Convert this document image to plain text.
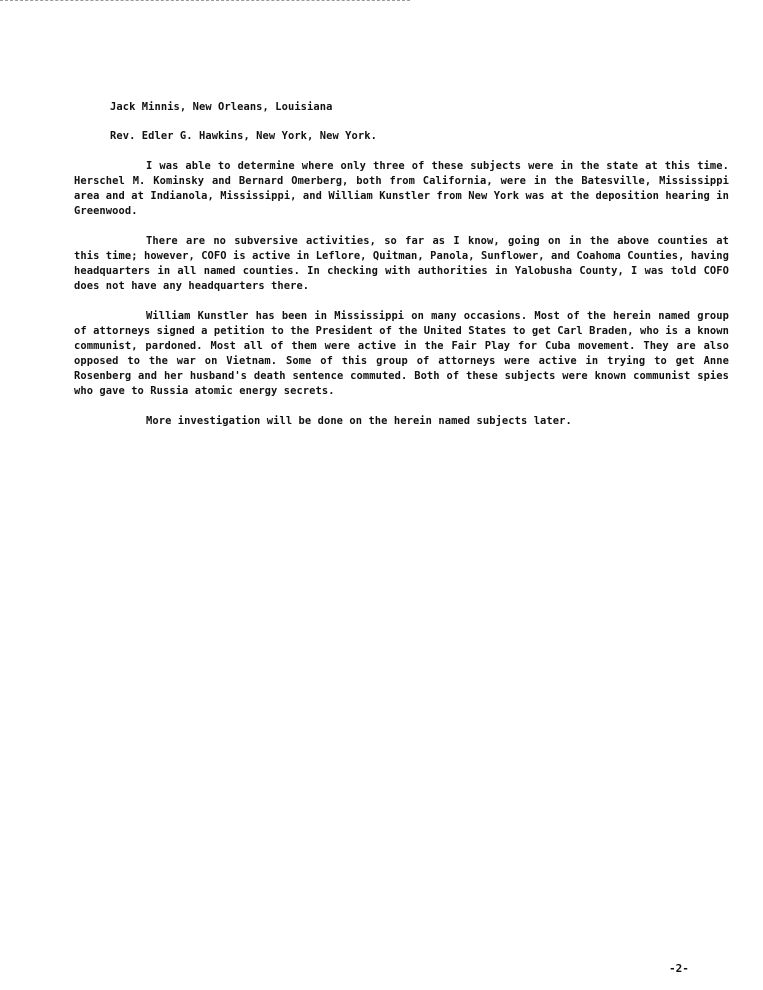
Jack Minnis, New Orleans, Louisiana

Rev. Edler G. Hawkins, New York, New York.

I was able to determine where only three of these subjects were in the state at this time. Herschel M. Kominsky and Bernard Omerberg, both from California, were in the Batesville, Mississippi area and at Indianola, Mississippi, and William Kunstler from New York was at the deposition hearing in Greenwood.

There are no subversive activities, so far as I know, going on in the above counties at this time; however, COFO is active in Leflore, Quitman, Panola, Sunflower, and Coahoma Counties, having headquarters in all named counties. In checking with authorities in Yalobusha County, I was told COFO does not have any headquarters there.

William Kunstler has been in Mississippi on many occasions. Most of the herein named group of attorneys signed a petition to the President of the United States to get Carl Braden, who is a known communist, pardoned. Most all of them were active in the Fair Play for Cuba movement. They are also opposed to the war on Vietnam. Some of this group of attorneys were active in trying to get Anne Rosenberg and her husband's death sentence commuted. Both of these subjects were known communist spies who gave to Russia atomic energy secrets.

More investigation will be done on the herein named subjects later.

-2-
